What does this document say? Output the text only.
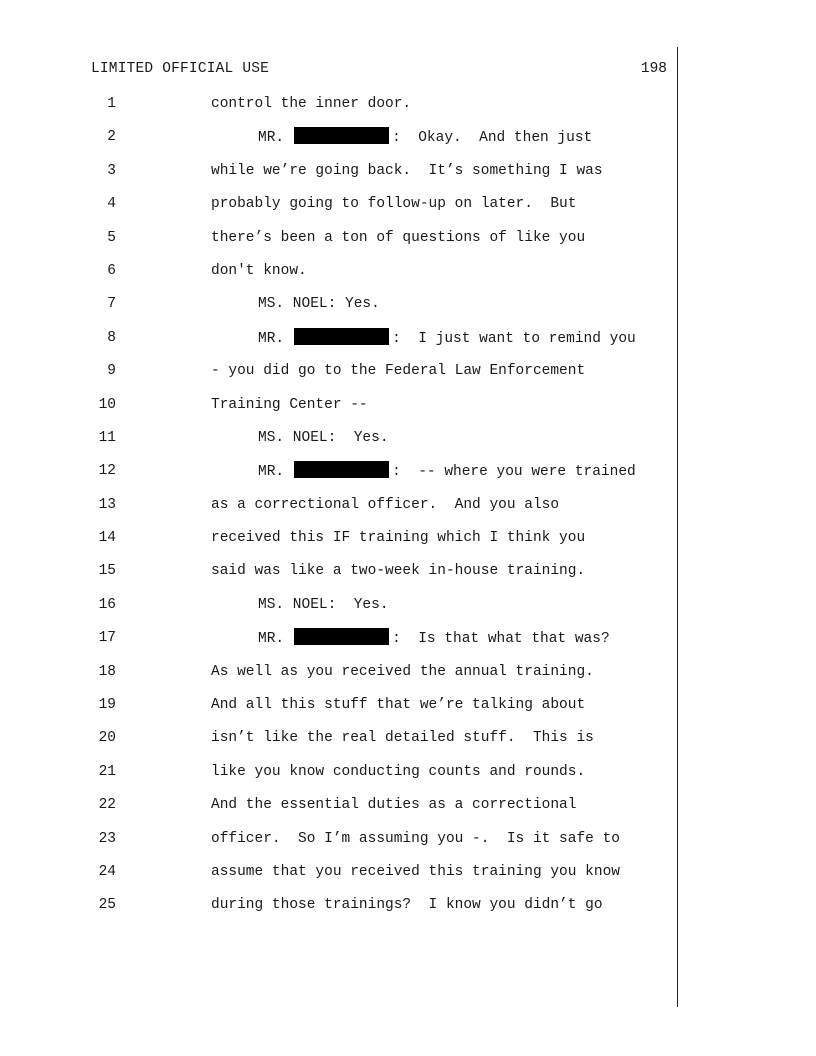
LIMITED OFFICIAL USE	198
1	control the inner door.
2	MR.	:  Okay.  And then just
3	while we’re going back.  It’s something I was
4	probably going to follow-up on later.  But
5	there’s been a ton of questions of like you
6	don't know.
7	MS. NOEL: Yes.
8	MR.	:  I just want to remind you
9	- you did go to the Federal Law Enforcement
10	Training Center --
11	MS. NOEL:  Yes.
12	MR.	:  -- where you were trained
13	as a correctional officer.  And you also
14	received this IF training which I think you
15	said was like a two-week in-house training.
16	MS. NOEL:  Yes.
17	MR.	:  Is that what that was?
18	As well as you received the annual training.
19	And all this stuff that we’re talking about
20	isn’t like the real detailed stuff.  This is
21	like you know conducting counts and rounds.
22	And the essential duties as a correctional
23	officer.  So I’m assuming you -.  Is it safe to
24	assume that you received this training you know
25	during those trainings?  I know you didn’t go
